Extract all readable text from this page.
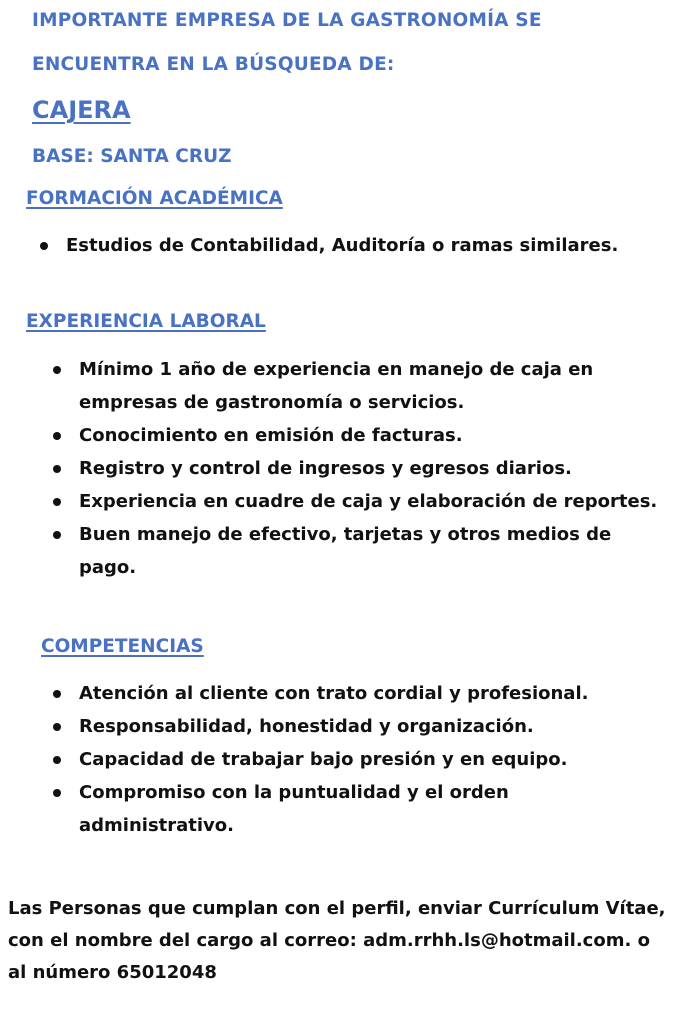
IMPORTANTE EMPRESA DE LA GASTRONOMÍA SE
ENCUENTRA EN LA BÚSQUEDA DE:
CAJERA
BASE: SANTA CRUZ
FORMACIÓN ACADÉMICA
Estudios de Contabilidad, Auditoría o ramas similares.
EXPERIENCIA LABORAL
Mínimo 1 año de experiencia en manejo de caja en empresas de gastronomía o servicios.
Conocimiento en emisión de facturas.
Registro y control de ingresos y egresos diarios.
Experiencia en cuadre de caja y elaboración de reportes.
Buen manejo de efectivo, tarjetas y otros medios de pago.
COMPETENCIAS
Atención al cliente con trato cordial y profesional.
Responsabilidad, honestidad y organización.
Capacidad de trabajar bajo presión y en equipo.
Compromiso con la puntualidad y el orden administrativo.
Las Personas que cumplan con el perfil, enviar Currículum Vítae, con el nombre del cargo al correo: adm.rrhh.ls@hotmail.com. o al número 65012048
